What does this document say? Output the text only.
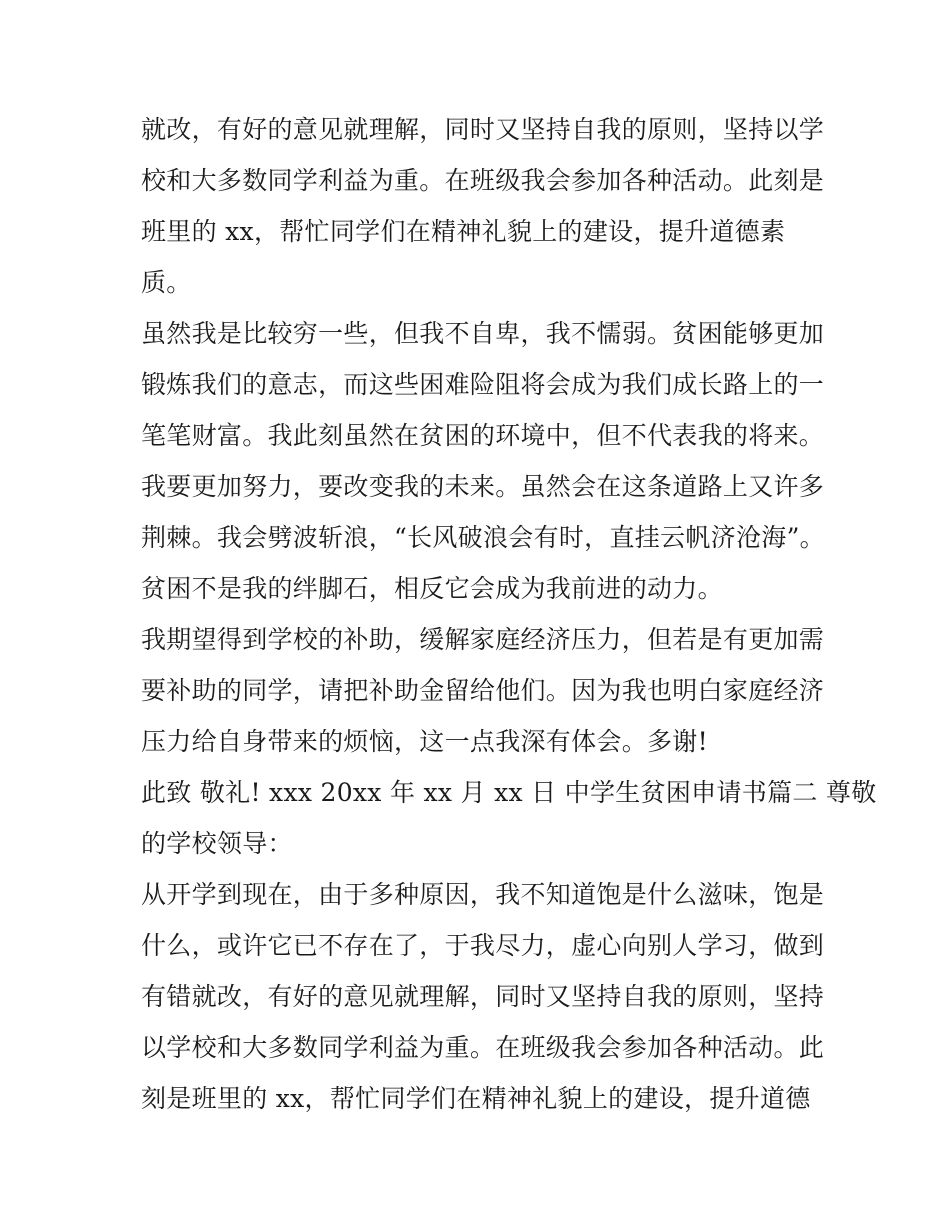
就改，有好的意见就理解，同时又坚持自我的原则，坚持以学
校和大多数同学利益为重。在班级我会参加各种活动。此刻是
班里的 xx，帮忙同学们在精神礼貌上的建设，提升道德素
质。
虽然我是比较穷一些，但我不自卑，我不懦弱。贫困能够更加
锻炼我们的意志，而这些困难险阻将会成为我们成长路上的一
笔笔财富。我此刻虽然在贫困的环境中，但不代表我的将来。
我要更加努力，要改变我的未来。虽然会在这条道路上又许多
荆棘。我会劈波斩浪，“长风破浪会有时，直挂云帆济沧海”。
贫困不是我的绊脚石，相反它会成为我前进的动力。
我期望得到学校的补助，缓解家庭经济压力，但若是有更加需
要补助的同学，请把补助金留给他们。因为我也明白家庭经济
压力给自身带来的烦恼，这一点我深有体会。多谢!
此致 敬礼! xxx 20xx 年 xx 月 xx 日 中学生贫困申请书篇二 尊敬
的学校领导：
从开学到现在，由于多种原因，我不知道饱是什么滋味，饱是
什么，或许它已不存在了，于我尽力，虚心向别人学习，做到
有错就改，有好的意见就理解，同时又坚持自我的原则，坚持
以学校和大多数同学利益为重。在班级我会参加各种活动。此
刻是班里的 xx，帮忙同学们在精神礼貌上的建设，提升道德
